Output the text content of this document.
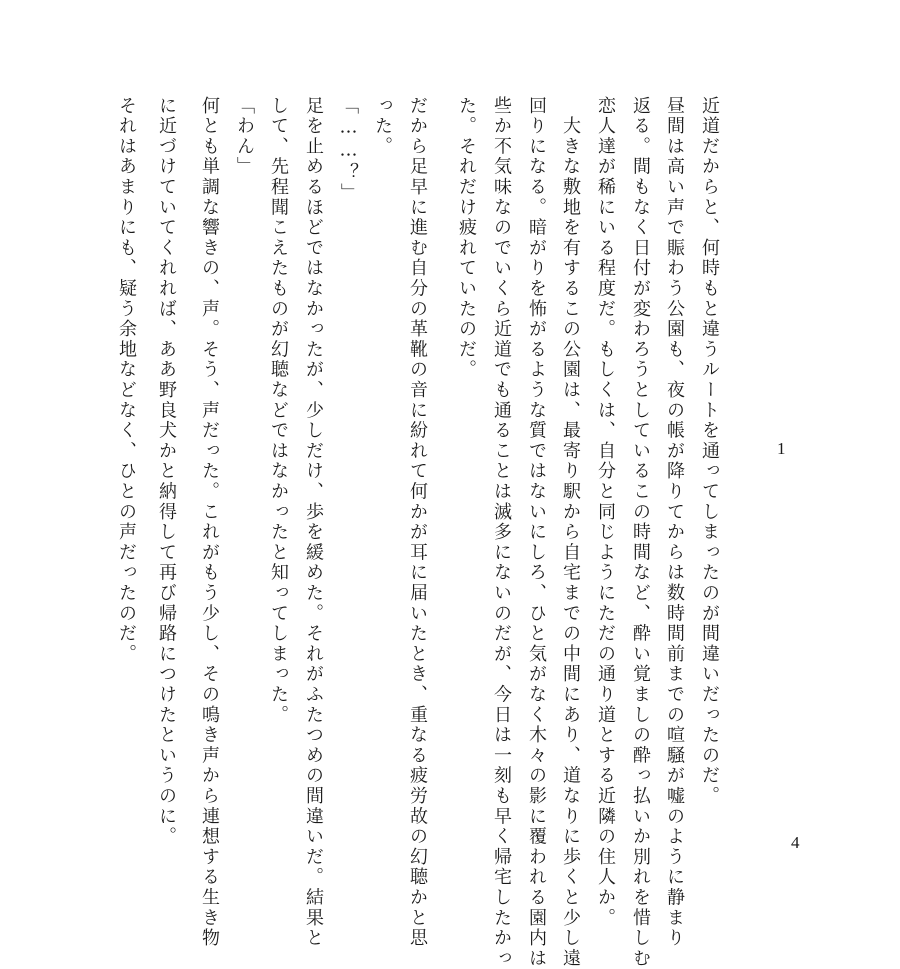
近道だからと、何時もと違うルートを通ってしまったのが間違いだったのだ。
昼間は高い声で賑わう公園も、夜の帳が降りてからは数時間前までの喧騒が嘘のように静まり
返る。間もなく日付が変わろうとしているこの時間など、酔い覚ましの酔っ払いか別れを惜しむ
恋人達が稀にいる程度だ。もしくは、自分と同じようにただの通り道とする近隣の住人か。
　大きな敷地を有するこの公園は、最寄り駅から自宅までの中間にあり、道なりに歩くと少し遠
回りになる。暗がりを怖がるような質ではないにしろ、ひと気がなく木々の影に覆われる園内は
些か不気味なのでいくら近道でも通ることは滅多にないのだが、今日は一刻も早く帰宅したかっ
た。それだけ疲れていたのだ。
だから足早に進む自分の革靴の音に紛れて何かが耳に届いたとき、重なる疲労故の幻聴かと思
った。
「……？」
足を止めるほどではなかったが、少しだけ、歩を緩めた。それがふたつめの間違いだ。結果と
して、先程聞こえたものが幻聴などではなかったと知ってしまった。
「わん」
何とも単調な響きの、声。そう、声だった。これがもう少し、その鳴き声から連想する生き物
に近づけていてくれれば、ああ野良犬かと納得して再び帰路につけたというのに。
それはあまりにも、疑う余地などなく、ひとの声だったのだ。	1
4
